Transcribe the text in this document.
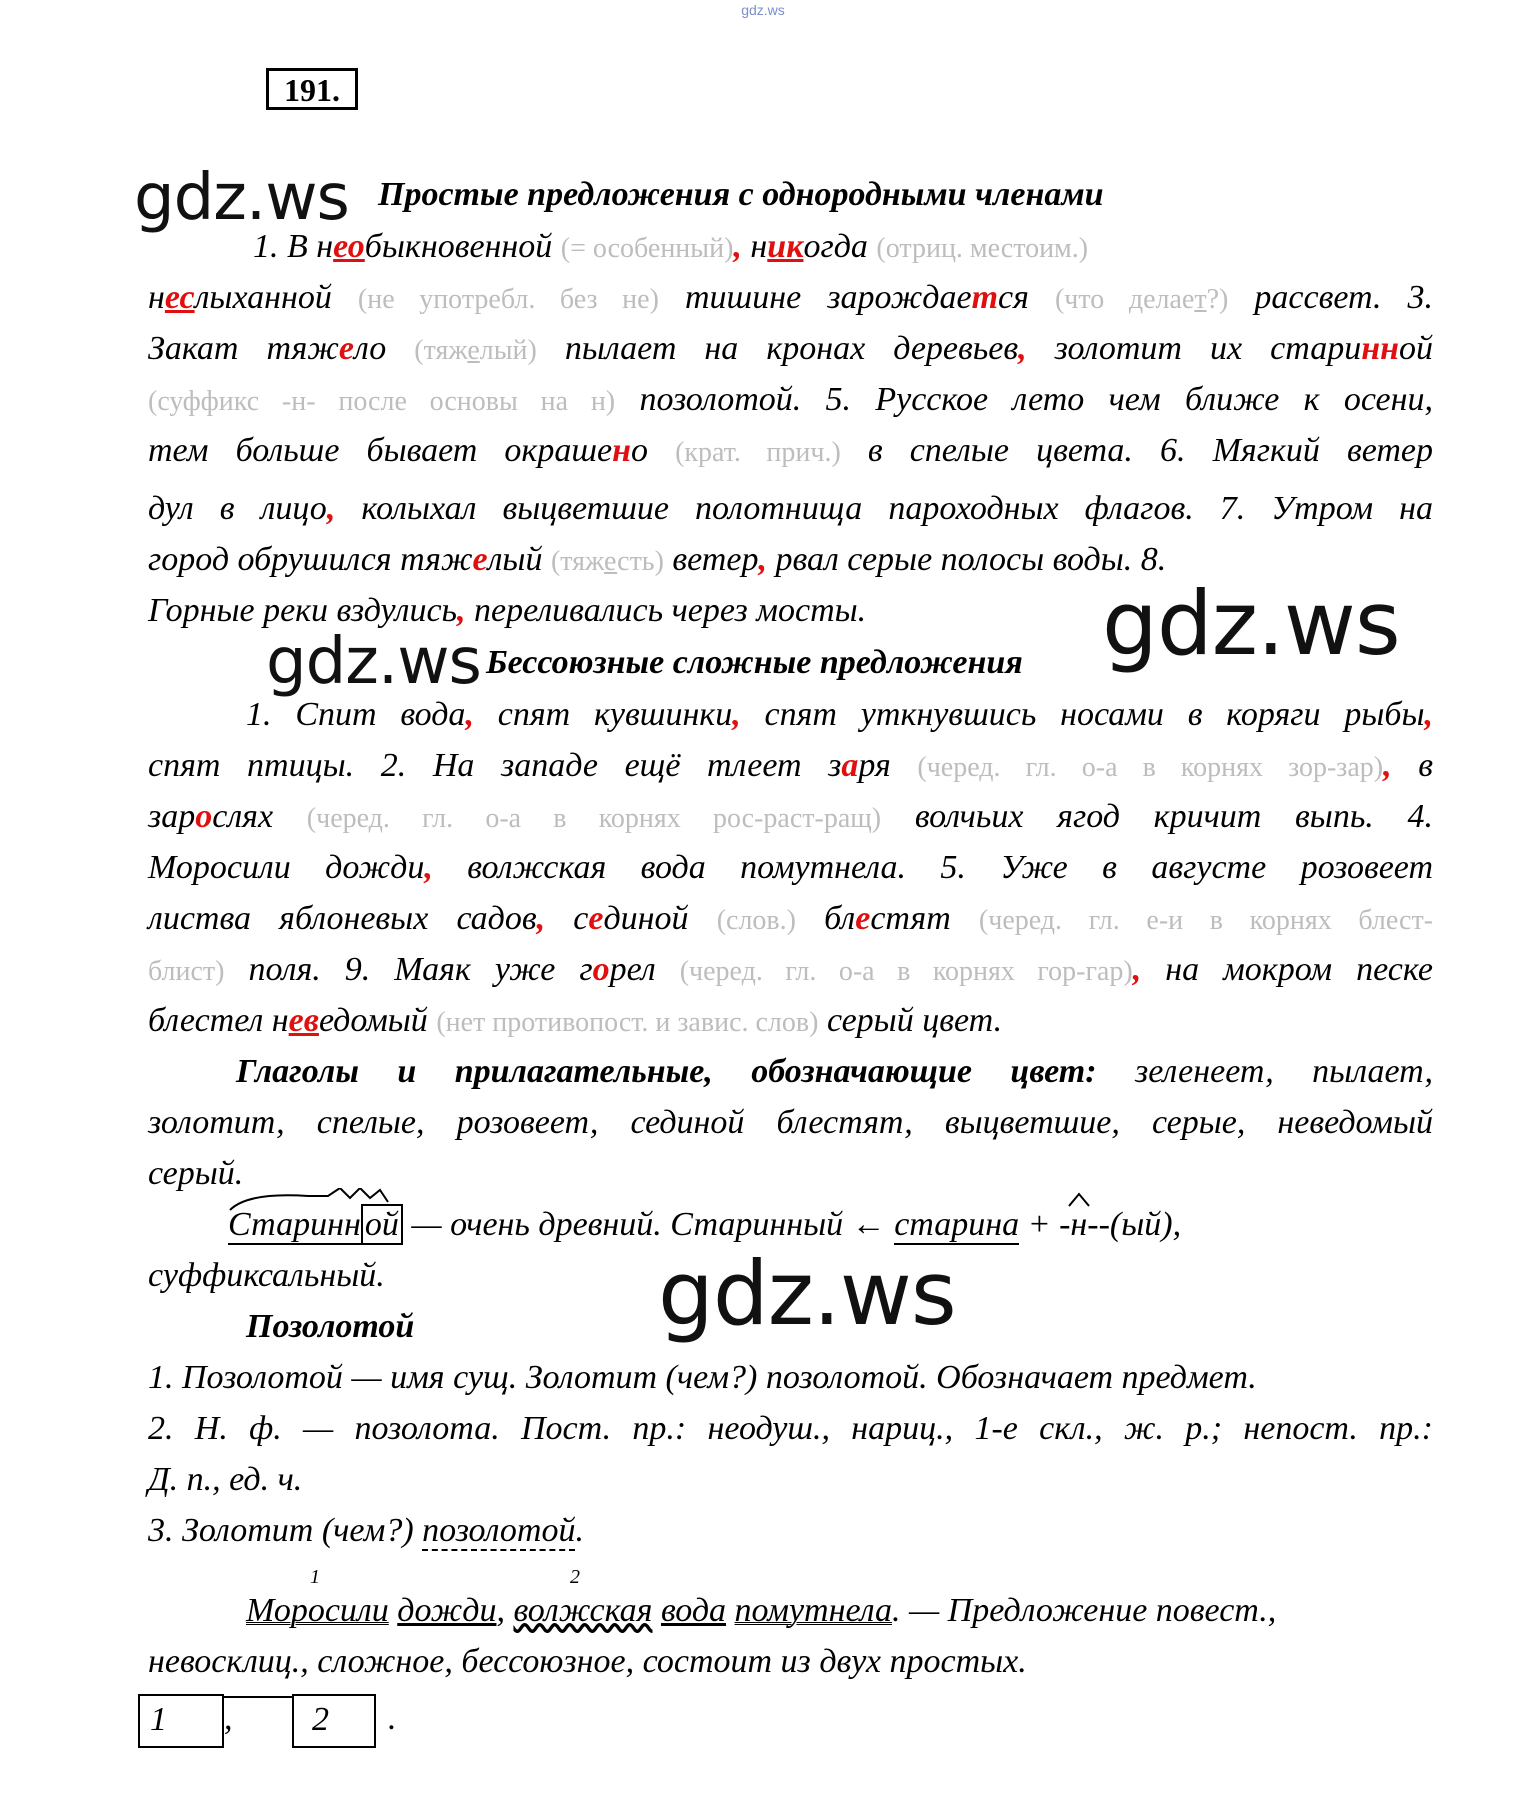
gdz.ws
191.
gdz.ws
gdz.ws
gdz.ws
gdz.ws
Простые предложения с однородными членами
1. В необыкновенной (= особенный), никогда (отриц. местоим.)
неслыханной (не употребл. без не) тишине зарождается (что делает?) рассвет. 3.
Закат тяжело (тяжелый) пылает на кронах деревьев, золотит их старинной
(суффикс -н- после основы на н) позолотой. 5. Русское лето чем ближе к осени,
тем больше бывает окрашено (крат. прич.) в спелые цвета. 6. Мягкий ветер
дул в лицо, колыхал выцветшие полотнища пароходных флагов. 7. Утром на
город обрушился тяжелый (тяжесть) ветер, рвал серые полосы воды. 8.
Горные реки вздулись, переливались через мосты.
Бессоюзные сложные предложения
1. Спит вода, спят кувшинки, спят уткнувшись носами в коряги рыбы,
спят птицы. 2. На западе ещё тлеет заря (черед. гл. о-а в корнях зор-зар), в
зарослях (черед. гл. о-а в корнях рос-раст-ращ) волчьих ягод кричит выпь. 4.
Моросили дожди, волжская вода помутнела. 5. Уже в августе розовеет
листва яблоневых садов, сединой (слов.) блестят (черед. гл. е-и в корнях блест-
блист) поля. 9. Маяк уже горел (черед. гл. о-а в корнях гор-гар), на мокром песке
блестел неведомый (нет противопост. и завис. слов) серый цвет.
Глаголы и прилагательные, обозначающие цвет: зеленеет, пылает,
золотит, спелые, розовеет, сединой блестят, выцветшие, серые, неведомый
серый.
Старинн ой
— очень древний. Старинный ← старина + -н-
-(ый),
суффиксальный.
Позолотой
1. Позолотой — имя сущ. Золотит (чем?) позолотой. Обозначает предмет.
2. Н. ф. — позолота. Пост. пр.: неодуш., нариц., 1-е скл., ж. р.; непост. пр.:
Д. п., ед. ч.
3. Золотит (чем?) позолотой.
1	2
Моросили дожди, волжская вода помутнела. — Предложение повест.,
невосклиц., сложное, бессоюзное, состоит из двух простых.
1	,	2	.
